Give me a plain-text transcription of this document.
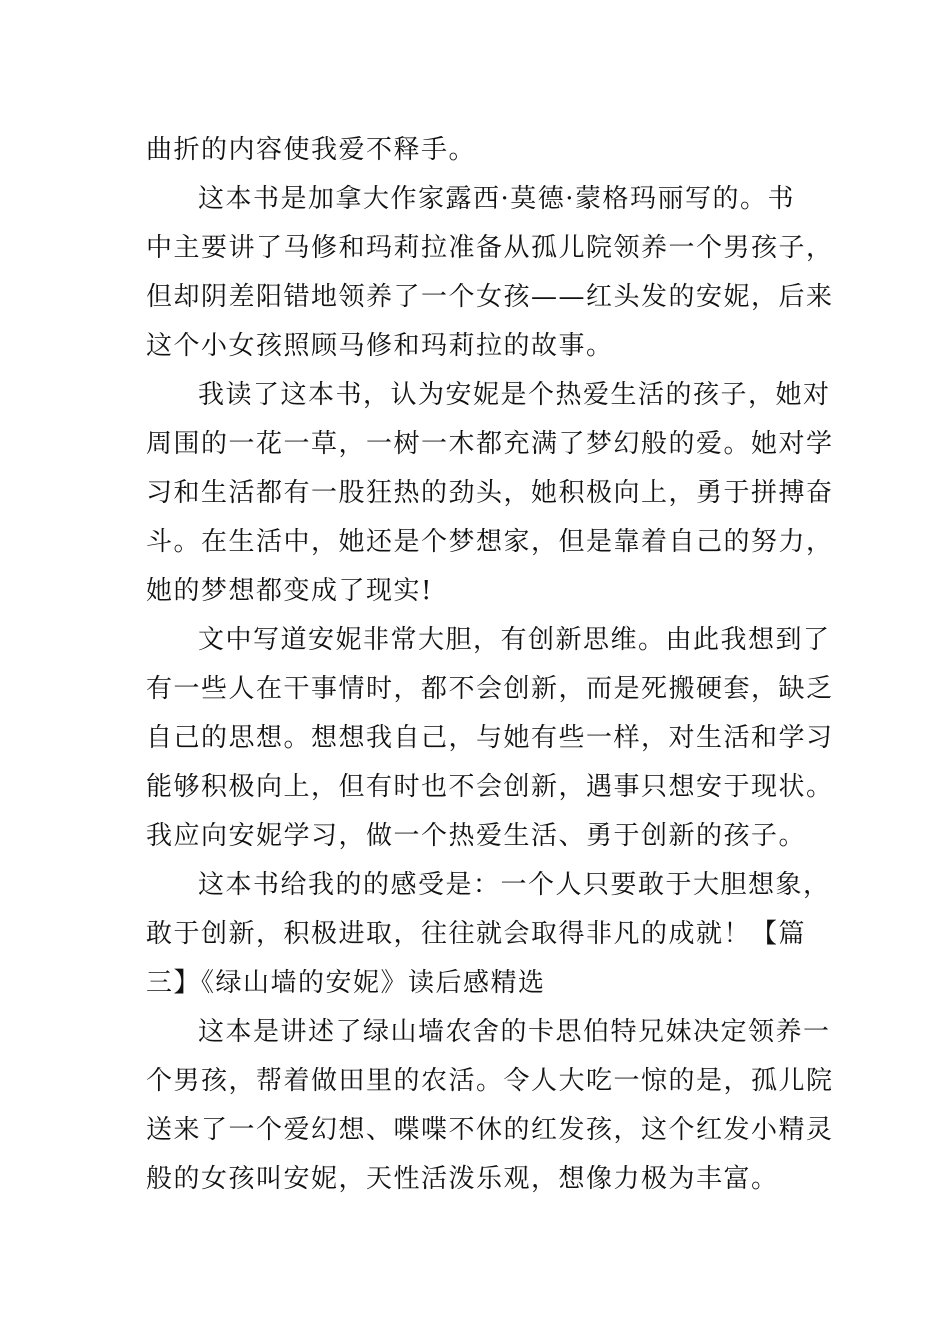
曲折的内容使我爱不释手。
这本书是加拿大作家露西·莫德·蒙格玛丽写的。书
中主要讲了马修和玛莉拉准备从孤儿院领养一个男孩子，
但却阴差阳错地领养了一个女孩——红头发的安妮，后来
这个小女孩照顾马修和玛莉拉的故事。
我读了这本书，认为安妮是个热爱生活的孩子，她对
周围的一花一草，一树一木都充满了梦幻般的爱。她对学
习和生活都有一股狂热的劲头，她积极向上，勇于拼搏奋
斗。在生活中，她还是个梦想家，但是靠着自己的努力，
她的梦想都变成了现实!
文中写道安妮非常大胆，有创新思维。由此我想到了
有一些人在干事情时，都不会创新，而是死搬硬套，缺乏
自己的思想。想想我自己，与她有些一样，对生活和学习
能够积极向上，但有时也不会创新，遇事只想安于现状。
我应向安妮学习，做一个热爱生活、勇于创新的孩子。
这本书给我的的感受是：一个人只要敢于大胆想象，
敢于创新，积极进取，往往就会取得非凡的成就！【篇
三】《绿山墙的安妮》读后感精选
这本是讲述了绿山墙农舍的卡思伯特兄妹决定领养一
个男孩，帮着做田里的农活。令人大吃一惊的是，孤儿院
送来了一个爱幻想、喋喋不休的红发孩，这个红发小精灵
般的女孩叫安妮，天性活泼乐观，想像力极为丰富。
